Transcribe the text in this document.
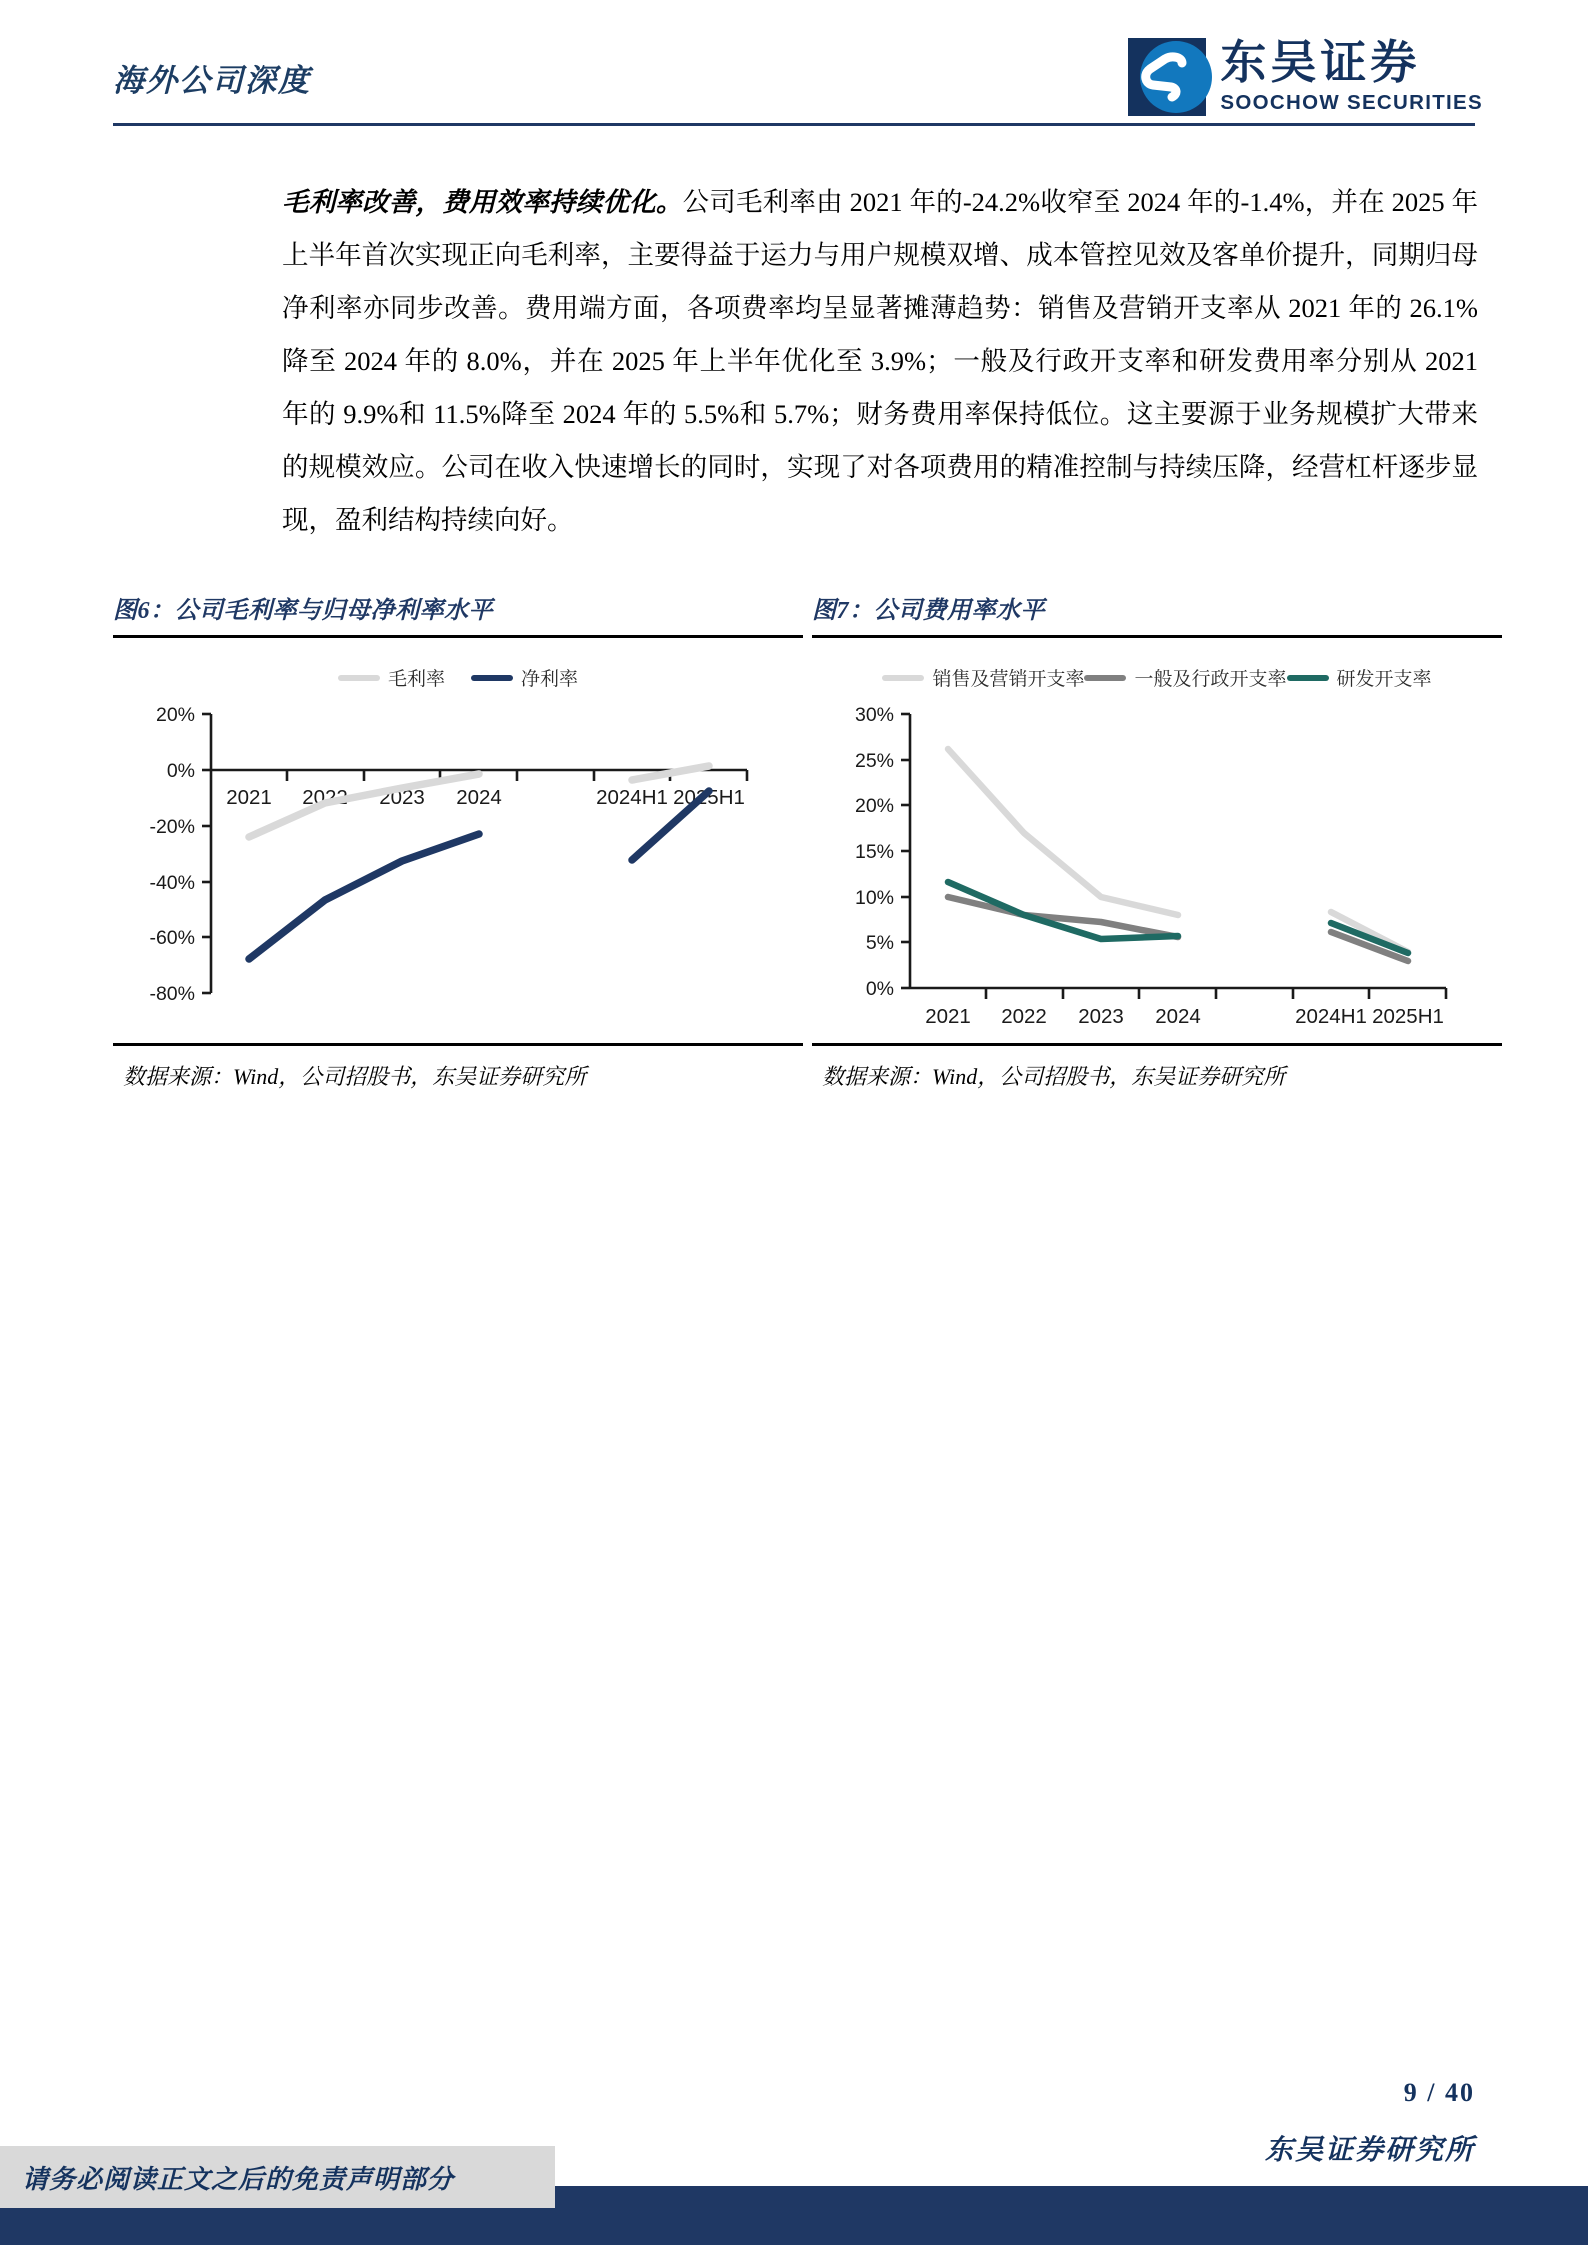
海外公司深度	东吴证券
SOOCHOW SECURITIES
毛利率改善，费用效率持续优化。公司毛利率由 2021 年的-24.2%收窄至 2024 年的-1.4%，并在 2025 年上半年首次实现正向毛利率，主要得益于运力与用户规模双增、成本管控见效及客单价提升，同期归母净利率亦同步改善。费用端方面，各项费率均呈显著摊薄趋势：销售及营销开支率从 2021 年的 26.1%降至 2024 年的 8.0%，并在 2025 年上半年优化至 3.9%；一般及行政开支率和研发费用率分别从 2021 年的 9.9%和 11.5%降至 2024 年的 5.5%和 5.7%；财务费用率保持低位。这主要源于业务规模扩大带来的规模效应。公司在收入快速增长的同时，实现了对各项费用的精准控制与持续压降，经营杠杆逐步显现，盈利结构持续向好。
图6：公司毛利率与归母净利率水平
毛利率	净利率
20%
0%
-20%
-40%
-60%
-80%
2021 2022 2023 2024	2024H1 2025H1
数据来源：Wind，公司招股书，东吴证券研究所
图7：公司费用率水平
销售及营销开支率	一般及行政开支率	研发开支率
30%
25%
20%
15%
10%
5%
0%
2021 2022 2023 2024	2024H1 2025H1
数据来源：Wind，公司招股书，东吴证券研究所
9 / 40
东吴证券研究所
请务必阅读正文之后的免责声明部分
